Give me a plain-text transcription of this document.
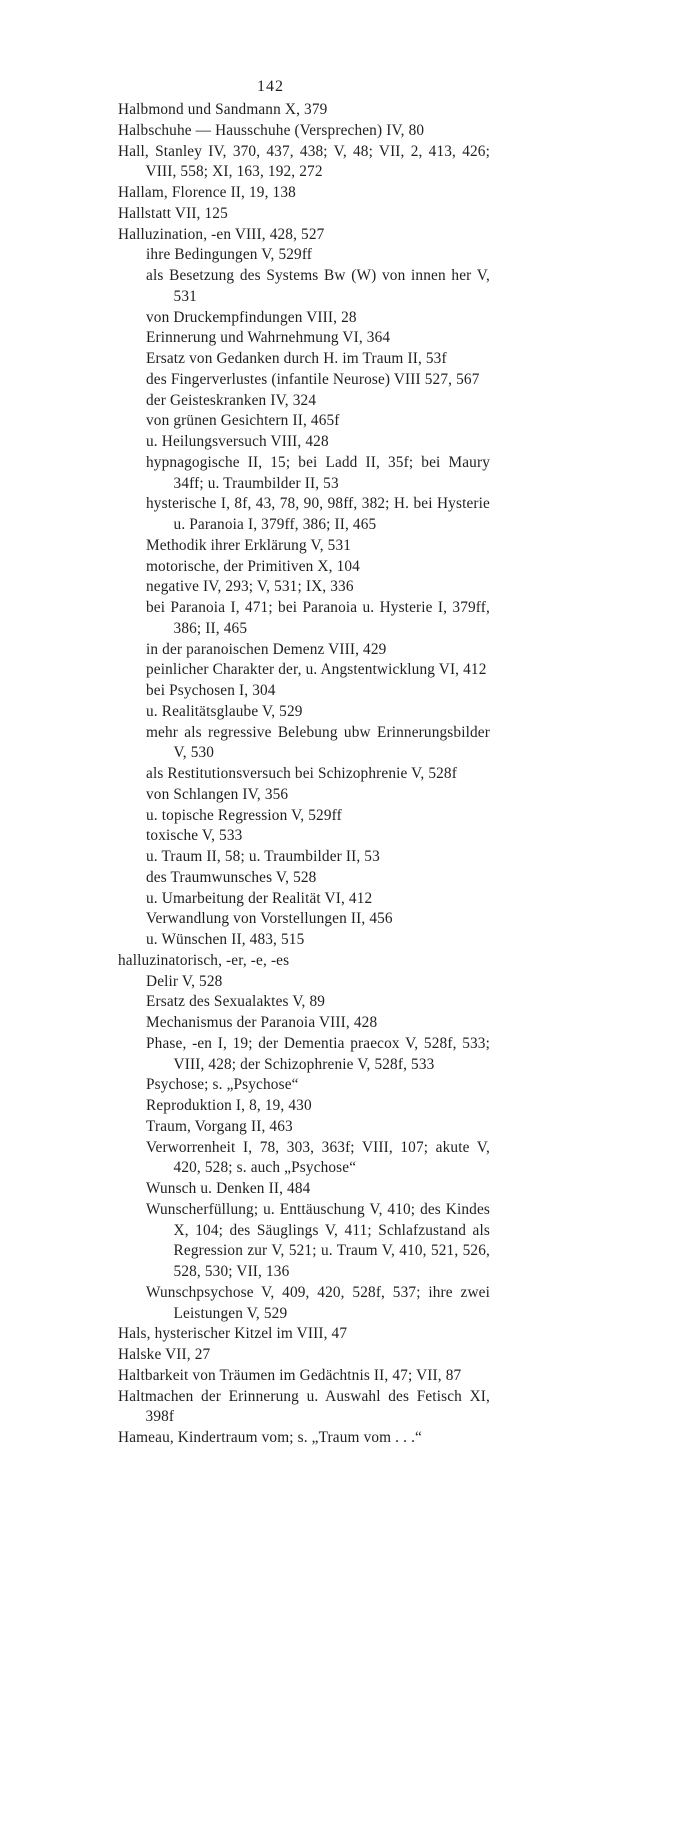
142
Halbmond und Sandmann X, 379
Halbschuhe — Hausschuhe (Versprechen) IV, 80
Hall, Stanley IV, 370, 437, 438; V, 48; VII, 2, 413, 426; VIII, 558; XI, 163, 192, 272
Hallam, Florence II, 19, 138
Hallstatt VII, 125
Halluzination, -en VIII, 428, 527
ihre Bedingungen V, 529ff
als Besetzung des Systems Bw (W) von innen her V, 531
von Druckempfindungen VIII, 28
Erinnerung und Wahrnehmung VI, 364
Ersatz von Gedanken durch H. im Traum II, 53f
des Fingerverlustes (infantile Neurose) VIII 527, 567
der Geisteskranken IV, 324
von grünen Gesichtern II, 465f
u. Heilungsversuch VIII, 428
hypnagogische II, 15; bei Ladd II, 35f; bei Maury 34ff; u. Traumbilder II, 53
hysterische I, 8f, 43, 78, 90, 98ff, 382; H. bei Hysterie u. Paranoia I, 379ff, 386; II, 465
Methodik ihrer Erklärung V, 531
motorische, der Primitiven X, 104
negative IV, 293; V, 531; IX, 336
bei Paranoia I, 471; bei Paranoia u. Hysterie I, 379ff, 386; II, 465
in der paranoischen Demenz VIII, 429
peinlicher Charakter der, u. Angstentwicklung VI, 412
bei Psychosen I, 304
u. Realitätsglaube V, 529
mehr als regressive Belebung ubw Erinnerungsbilder V, 530
als Restitutionsversuch bei Schizophrenie V, 528f
von Schlangen IV, 356
u. topische Regression V, 529ff
toxische V, 533
u. Traum II, 58; u. Traumbilder II, 53
des Traumwunsches V, 528
u. Umarbeitung der Realität VI, 412
Verwandlung von Vorstellungen II, 456
u. Wünschen II, 483, 515
halluzinatorisch, -er, -e, -es
Delir V, 528
Ersatz des Sexualaktes V, 89
Mechanismus der Paranoia VIII, 428
Phase, -en I, 19; der Dementia praecox V, 528f, 533; VIII, 428; der Schizophrenie V, 528f, 533
Psychose; s. „Psychose“
Reproduktion I, 8, 19, 430
Traum, Vorgang II, 463
Verworrenheit I, 78, 303, 363f; VIII, 107; akute V, 420, 528; s. auch „Psychose“
Wunsch u. Denken II, 484
Wunscherfüllung; u. Enttäuschung V, 410; des Kindes X, 104; des Säuglings V, 411; Schlafzustand als Regression zur V, 521; u. Traum V, 410, 521, 526, 528, 530; VII, 136
Wunschpsychose V, 409, 420, 528f, 537; ihre zwei Leistungen V, 529
Hals, hysterischer Kitzel im VIII, 47
Halske VII, 27
Haltbarkeit von Träumen im Gedächtnis II, 47; VII, 87
Haltmachen der Erinnerung u. Auswahl des Fetisch XI, 398f
Hameau, Kindertraum vom; s. „Traum vom . . .“
